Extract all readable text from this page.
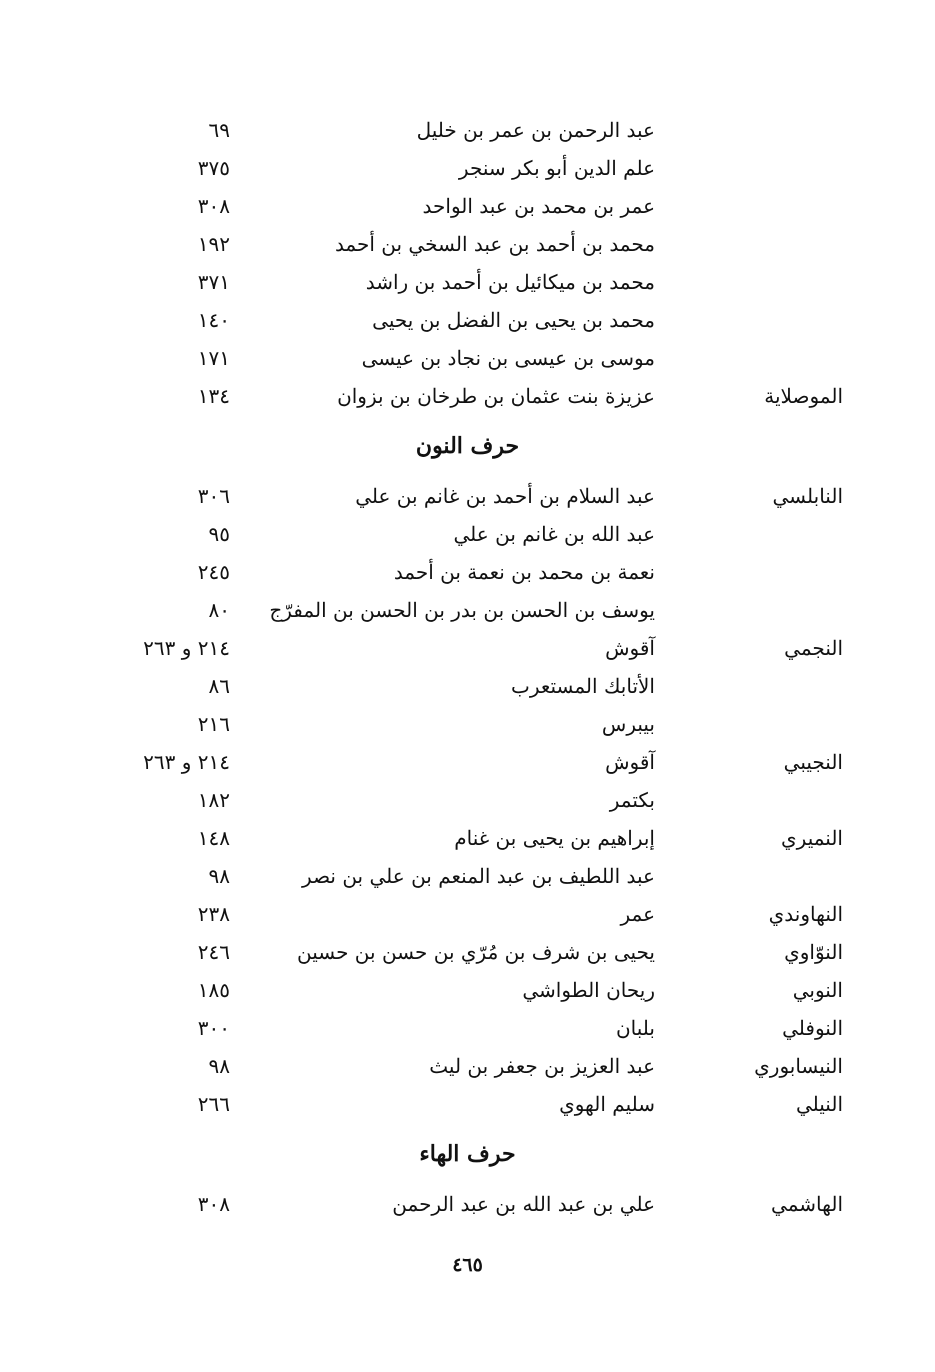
عبد الرحمن بن عمر بن خليل
٦٩
علم الدين أبو بكر سنجر
٣٧٥
عمر بن محمد بن عبد الواحد
٣٠٨
محمد بن أحمد بن عبد السخي بن أحمد
١٩٢
محمد بن ميكائيل بن أحمد بن راشد
٣٧١
محمد بن يحيى بن الفضل بن يحيى
١٤٠
موسى بن عيسى بن نجاد بن عيسى
١٧١
الموصلاية
عزيزة بنت عثمان بن طرخان بن بزوان
١٣٤
حرف النون
النابلسي
عبد السلام بن أحمد بن غانم بن علي
٣٠٦
عبد الله بن غانم بن علي
٩٥
نعمة بن محمد بن نعمة بن أحمد
٢٤٥
يوسف بن الحسن بن بدر بن الحسن بن المفرّج
٨٠
النجمي
آقوش
٢١٤ و ٢٦٣
الأتابك المستعرب
٨٦
بيبرس
٢١٦
النجيبي
آقوش
٢١٤ و ٢٦٣
بكتمر
١٨٢
النميري
إبراهيم بن يحيى بن غنام
١٤٨
عبد اللطيف بن عبد المنعم بن علي بن نصر
٩٨
النهاوندي
عمر
٢٣٨
النوّاوي
يحيى بن شرف بن مُرّي بن حسن بن حسين
٢٤٦
النوبي
ريحان الطواشي
١٨٥
النوفلي
بلبان
٣٠٠
النيسابوري
عبد العزيز بن جعفر بن ليث
٩٨
النيلي
سليم الهوي
٢٦٦
حرف الهاء
الهاشمي
علي بن عبد الله بن عبد الرحمن
٣٠٨
٤٦٥
